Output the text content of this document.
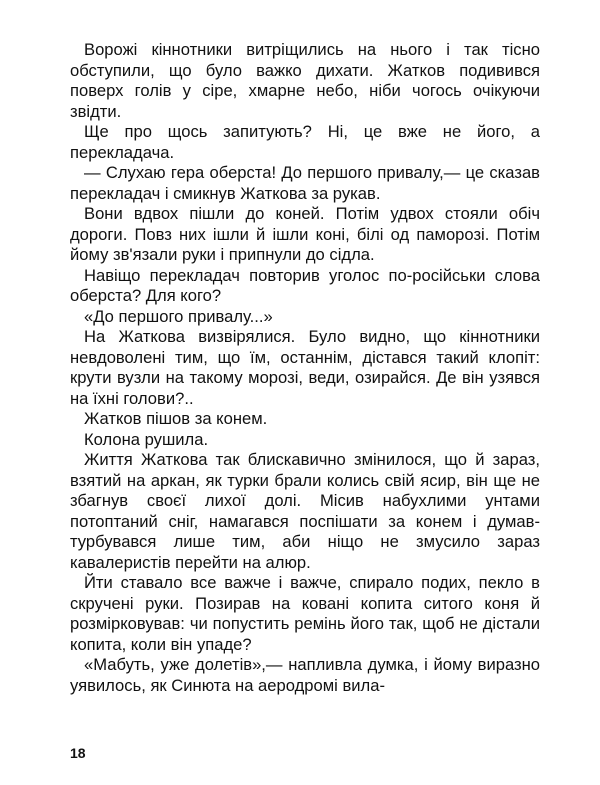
Ворожі кіннотники витріщились на нього і так тісно обступили, що було важко дихати. Жатков подивився поверх голів у сіре, хмарне небо, ніби чогось очікуючи звідти.

Ще про щось запитують? Ні, це вже не його, а перекладача.

— Слухаю гера оберста! До першого привалу,— це сказав перекладач і смикнув Жаткова за рукав.

Вони вдвох пішли до коней. Потім удвох стояли обіч дороги. Повз них ішли й ішли коні, білі од паморозі. Потім йому зв'язали руки і припнули до сідла.

Навіщо перекладач повторив уголос по-російськи слова оберста? Для кого?

«До першого привалу...»

На Жаткова визвірялися. Було видно, що кіннотники невдоволені тим, що їм, останнім, дістався такий клопіт: крути вузли на такому морозі, веди, озирайся. Де він узявся на їхні голови?..

Жатков пішов за конем.

Колона рушила.

Життя Жаткова так блискавично змінилося, що й зараз, взятий на аркан, як турки брали колись свій ясир, він ще не збагнув своєї лихої долі. Місив набухлими унтами потоптаний сніг, намагався поспішати за конем і думав-турбувався лише тим, аби ніщо не змусило зараз кавалеристів перейти на алюр.

Йти ставало все важче і важче, спирало подих, пекло в скручені руки. Позирав на ковані копита ситого коня й розмірковував: чи попустить ремінь його так, щоб не дістали копита, коли він упаде?

«Мабуть, уже долетів»,— напливла думка, і йому виразно уявилось, як Синюта на аеродромі вила-

18
